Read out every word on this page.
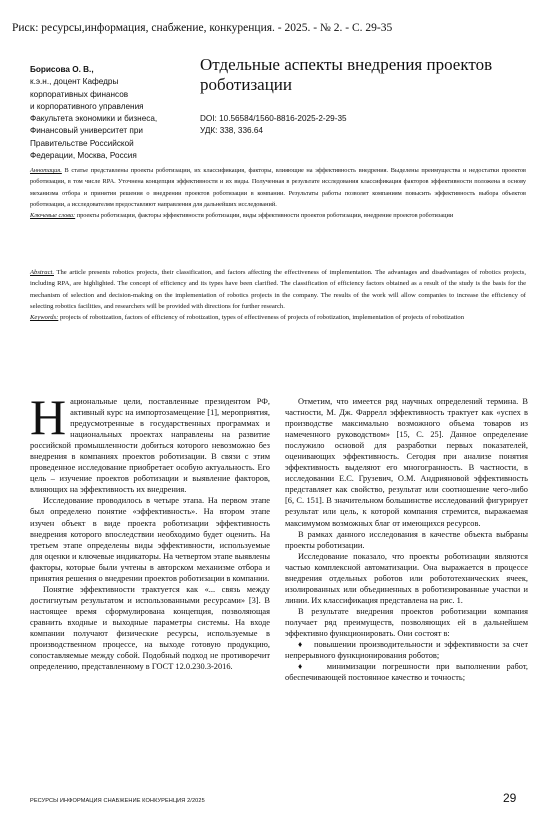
Риск: ресурсы,информация, снабжение, конкуренция. - 2025. - № 2. - С. 29-35
Борисова О. В.,
к.э.н., доцент Кафедры
корпоративных финансов
и корпоративного управления
Факультета экономики и бизнеса,
Финансовый университет при
Правительстве Российской
Федерации, Москва, Россия
Отдельные аспекты внедрения проектов роботизации
DOI: 10.56584/1560-8816-2025-2-29-35
УДК: 338, 336.64
Аннотация. В статье представлены проекты роботизации, их классификация, факторы, влияющие на эффективность внедрения. Выделены преимущества и недостатки проектов роботизации, в том числе RPA. Уточнена концепция эффективности и их виды. Полученная в результате исследования классификация факторов эффективности положена в основу механизма отбора и принятия решения о внедрении проектов роботизации в компании. Результаты работы позволят компаниям повысить эффективность выбора объектов роботизации, а исследователям предоставляют направления для дальнейших исследований.
Ключевые слова: проекты роботизации, факторы эффективности роботизации, виды эффективности проектов роботизации, внедрение проектов роботизации
Abstract. The article presents robotics projects, their classification, and factors affecting the effectiveness of implementation. The advantages and disadvantages of robotics projects, including RPA, are highlighted. The concept of efficiency and its types have been clarified. The classification of efficiency factors obtained as a result of the study is the basis for the mechanism of selection and decision-making on the implementation of robotics projects in the company. The results of the work will allow companies to increase the efficiency of selecting robotics facilities, and researchers will be provided with directions for further research.
Keywords: projects of robotization, factors of efficiency of robotization, types of effectiveness of projects of robotization, implementation of projects of robotization

Национальные цели, поставленные президентом РФ, активный курс на импортозамещение [1], мероприятия, предусмотренные в государственных программах и национальных проектах направлены на развитие российской промышленности добиться которого невозможно без внедрения в компаниях проектов роботизации. В связи с этим проведенное исследование приобретает особую актуальность. Его цель – изучение проектов роботизации и выявление факторов, влияющих на эффективность их внедрения.

Исследование проводилось в четыре этапа. На первом этапе был определено понятие «эффективность». На втором этапе изучен объект в виде проекта роботизации эффективность внедрения которого впоследствии необходимо будет оценить. На третьем этапе определены виды эффективности, используемые для оценки и ключевые индикаторы. На четвертом этапе выявлены факторы, которые были учтены в авторском механизме отбора и принятия решения о внедрении проектов роботизации в компании.

Понятие эффективности трактуется как «... связь между достигнутым результатом и использованными ресурсами» [3]. В настоящее время сформулирована концепция, позволяющая сравнить входные и выходные параметры системы. На входе компании получают физические ресурсы, используемые в производственном процессе, на выходе готовую продукцию, сопоставляемые между собой. Подобный подход не противоречит определению, представленному в ГОСТ 12.0.230.3-2016.

Отметим, что имеется ряд научных определений термина. В частности, М. Дж. Фаррелл эффективность трактует как «успех в производстве максимально возможного объема товаров из намеченного руководством» [15, С. 25]. Данное определение послужило основой для разработки первых показателей, оценивающих эффективность. Сегодня при анализе понятия эффективность выделяют его многогранность. В частности, в исследовании Е.С. Грузевич, О.М. Андрияновой эффективность представляет как свойство, результат или соотношение чего-либо [6, С. 151]. В значительном большинстве исследований фигурирует результат или цель, к которой компания стремится, выражаемая максимумом возможных благ от имеющихся ресурсов.

В рамках данного исследования в качестве объекта выбраны проекты роботизации.

Исследование показало, что проекты роботизации являются частью комплексной автоматизации. Она выражается в процессе внедрения отдельных роботов или робототехнических ячеек, изолированных или объединенных в роботизированные участки и линии. Их классификация представлена на рис. 1.

В результате внедрения проектов роботизации компания получает ряд преимуществ, позволяющих ей в дальнейшем эффективно функционировать. Они состоят в:

♦ повышении производительности и эффективности за счет непрерывного функционирования роботов;

♦ минимизации погрешности при выполнении работ, обеспечивающей постоянное качество и точность;

РЕСУРСЫ ИНФОРМАЦИЯ СНАБЖЕНИЕ КОНКУРЕНЦИЯ 2/2025	29
